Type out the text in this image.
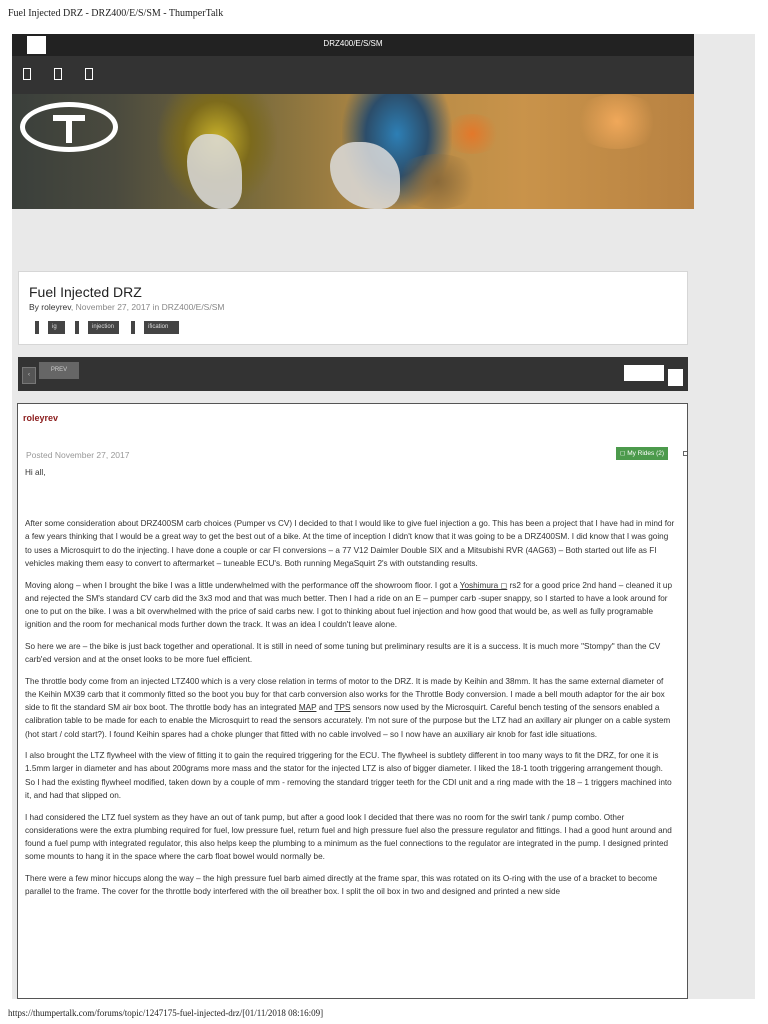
Fuel Injected DRZ - DRZ400/E/S/SM - ThumperTalk
DRZ400/E/S/SM
Fuel Injected DRZ
By roleyrev, November 27, 2017 in DRZ400/E/S/SM
ig	injection	ification
‹
PREV
roleyrev
Posted November 27, 2017	◻ My Rides (2)

Hi all,

After some consideration about DRZ400SM carb choices (Pumper vs CV) I decided to that I would like to give fuel injection a go. This has been a project that I have had in mind for a few years thinking that I would be a great way to get the best out of a bike. At the time of inception I didn't know that it was going to be a DRZ400SM. I did know that I was going to uses a Microsquirt to do the injecting. I have done a couple or car FI conversions – a 77 V12 Daimler Double SIX and a Mitsubishi RVR (4AG63) – Both started out life as FI vehicles making them easy to convert to aftermarket – tuneable ECU's. Both running MegaSquirt 2's with outstanding results.

Moving along – when I brought the bike I was a little underwhelmed with the performance off the showroom floor. I got a Yoshimura ◻ rs2 for a good price 2nd hand – cleaned it up and rejected the SM's standard CV carb did the 3x3 mod and that was much better. Then I had a ride on an E – pumper carb -super snappy, so I started to have a look around for one to put on the bike. I was a bit overwhelmed with the price of said carbs new. I got to thinking about fuel injection and how good that would be, as well as fully programable ignition and the room for mechanical mods further down the track. It was an idea I couldn't leave alone.

So here we are – the bike is just back together and operational. It is still in need of some tuning but preliminary results are it is a success. It is much more "Stompy" than the CV carb'ed version and at the onset looks to be more fuel efficient.

The throttle body come from an injected LTZ400 which is a very close relation in terms of motor to the DRZ. It is made by Keihin and 38mm. It has the same external diameter of the Keihin MX39 carb that it commonly fitted so the boot you buy for that carb conversion also works for the Throttle Body conversion. I made a bell mouth adaptor for the air box side to fit the standard SM air box boot. The throttle body has an integrated MAP and TPS sensors now used by the Microsquirt. Careful bench testing of the sensors enabled a calibration table to be made for each to enable the Microsquirt to read the sensors accurately. I'm not sure of the purpose but the LTZ had an axillary air plunger on a cable system (hot start / cold start?). I found Keihin spares had a choke plunger that fitted with no cable involved – so I now have an auxiliary air knob for fast idle situations.

I also brought the LTZ flywheel with the view of fitting it to gain the required triggering for the ECU. The flywheel is subtlety different in too many ways to fit the DRZ, for one it is 1.5mm larger in diameter and has about 200grams more mass and the stator for the injected LTZ is also of bigger diameter. I liked the 18-1 tooth triggering arrangement though. So I had the existing flywheel modified, taken down by a couple of mm - removing the standard trigger teeth for the CDI unit and a ring made with the 18 – 1 triggers machined into it, and had that slipped on.

I had considered the LTZ fuel system as they have an out of tank pump, but after a good look I decided that there was no room for the swirl tank / pump combo. Other considerations were the extra plumbing required for fuel, low pressure fuel, return fuel and high pressure fuel also the pressure regulator and fittings. I had a good hunt around and found a fuel pump with integrated regulator, this also helps keep the plumbing to a minimum as the fuel connections to the regulator are integrated in the pump. I designed printed some mounts to hang it in the space where the carb float bowel would normally be.

There were a few minor hiccups along the way – the high pressure fuel barb aimed directly at the frame spar, this was rotated on its O-ring with the use of a bracket to become parallel to the frame. The cover for the throttle body interfered with the oil breather box. I split the oil box in two and designed and printed a new side

https://thumpertalk.com/forums/topic/1247175-fuel-injected-drz/[01/11/2018 08:16:09]
